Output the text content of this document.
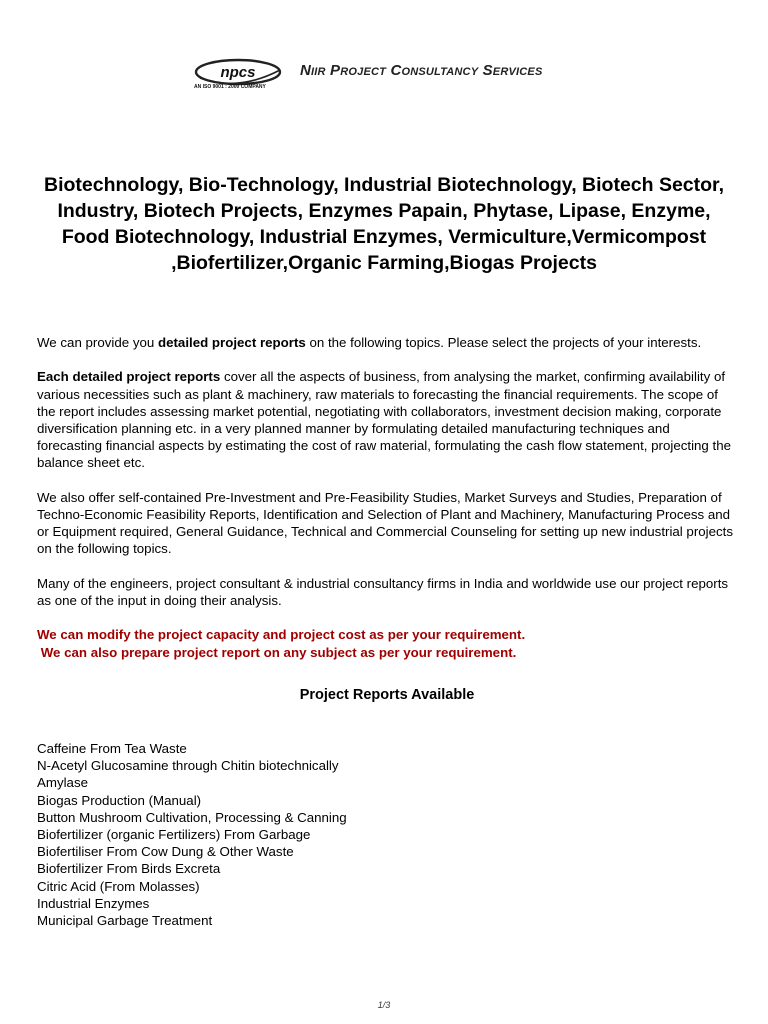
npcs
AN ISO 9001 : 2000 COMPANY
Niir Project Consultancy Services
Biotechnology, Bio-Technology, Industrial Biotechnology, Biotech Sector, Industry, Biotech Projects, Enzymes Papain, Phytase, Lipase, Enzyme, Food Biotechnology, Industrial Enzymes, Vermiculture,Vermicompost ,Biofertilizer,Organic Farming,Biogas Projects

We can provide you detailed project reports on the following topics. Please select the projects of your interests.

Each detailed project reports cover all the aspects of business, from analysing the market, confirming availability of various necessities such as plant & machinery, raw materials to forecasting the financial requirements. The scope of the report includes assessing market potential, negotiating with collaborators, investment decision making, corporate diversification planning etc. in a very planned manner by formulating detailed manufacturing techniques and forecasting financial aspects by estimating the cost of raw material, formulating the cash flow statement, projecting the balance sheet etc.

We also offer self-contained Pre-Investment and Pre-Feasibility Studies, Market Surveys and Studies, Preparation of Techno-Economic Feasibility Reports, Identification and Selection of Plant and Machinery, Manufacturing Process and or Equipment required, General Guidance, Technical and Commercial Counseling for setting up new industrial projects on the following topics.

Many of the engineers, project consultant & industrial consultancy firms in India and worldwide use our project reports as one of the input in doing their analysis.

We can modify the project capacity and project cost as per your requirement.
We can also prepare project report on any subject as per your requirement.

Project Reports Available
Caffeine From Tea Waste
N-Acetyl Glucosamine through Chitin biotechnically
Amylase
Biogas Production (Manual)
Button Mushroom Cultivation, Processing & Canning
Biofertilizer (organic Fertilizers) From Garbage
Biofertiliser From Cow Dung & Other Waste
Biofertilizer From Birds Excreta
Citric Acid (From Molasses)
Industrial Enzymes
Municipal Garbage Treatment
1/3
